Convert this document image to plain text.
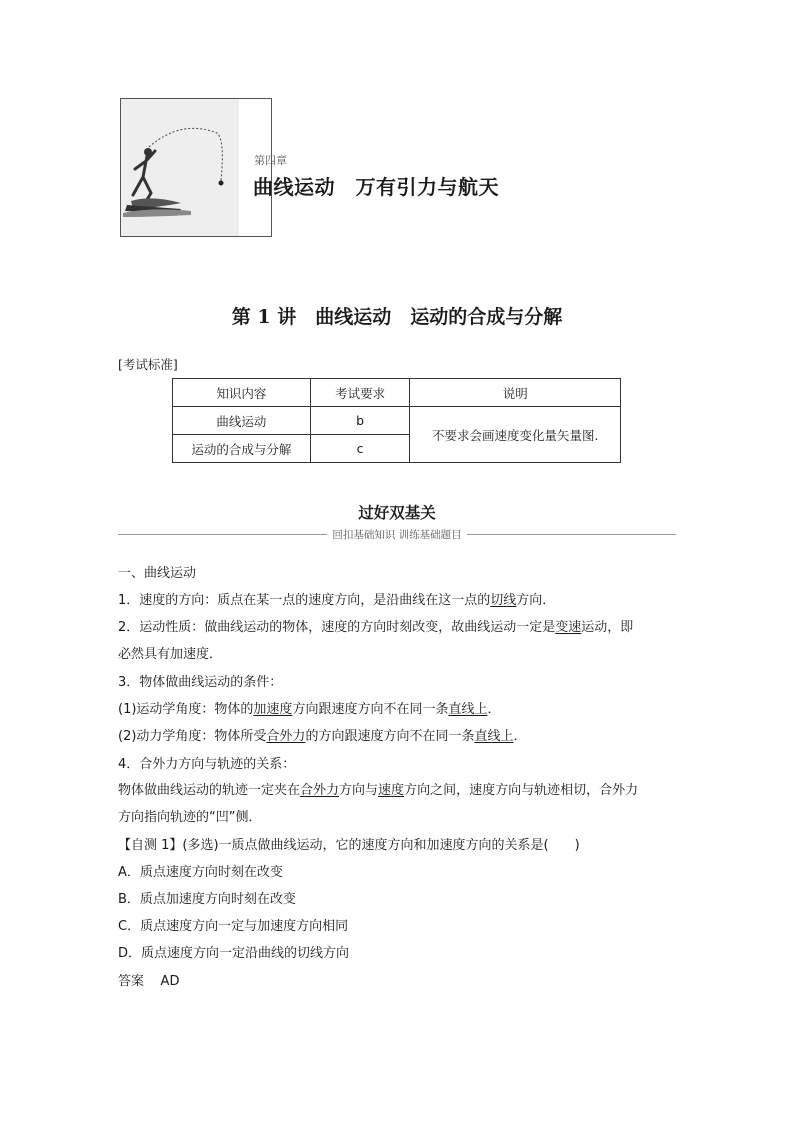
第四章
曲线运动　万有引力与航天
第 1 讲　曲线运动　运动的合成与分解
[考试标准]
知识内容	考试要求	说明
曲线运动	b	不要求会画速度变化量矢量图.
运动的合成与分解	c	
过好双基关
回扣基础知识 训练基础题目
一、曲线运动
1．速度的方向：质点在某一点的速度方向，是沿曲线在这一点的切线方向．
2．运动性质：做曲线运动的物体，速度的方向时刻改变，故曲线运动一定是变速运动，即
必然具有加速度．
3．物体做曲线运动的条件：
(1)运动学角度：物体的加速度方向跟速度方向不在同一条直线上．
(2)动力学角度：物体所受合外力的方向跟速度方向不在同一条直线上．
4．合外力方向与轨迹的关系：
物体做曲线运动的轨迹一定夹在合外力方向与速度方向之间，速度方向与轨迹相切，合外力
方向指向轨迹的“凹”侧．
【自测 1】(多选)一质点做曲线运动，它的速度方向和加速度方向的关系是(　　)
A．质点速度方向时刻在改变
B．质点加速度方向时刻在改变
C．质点速度方向一定与加速度方向相同
D．质点速度方向一定沿曲线的切线方向
答案 AD
